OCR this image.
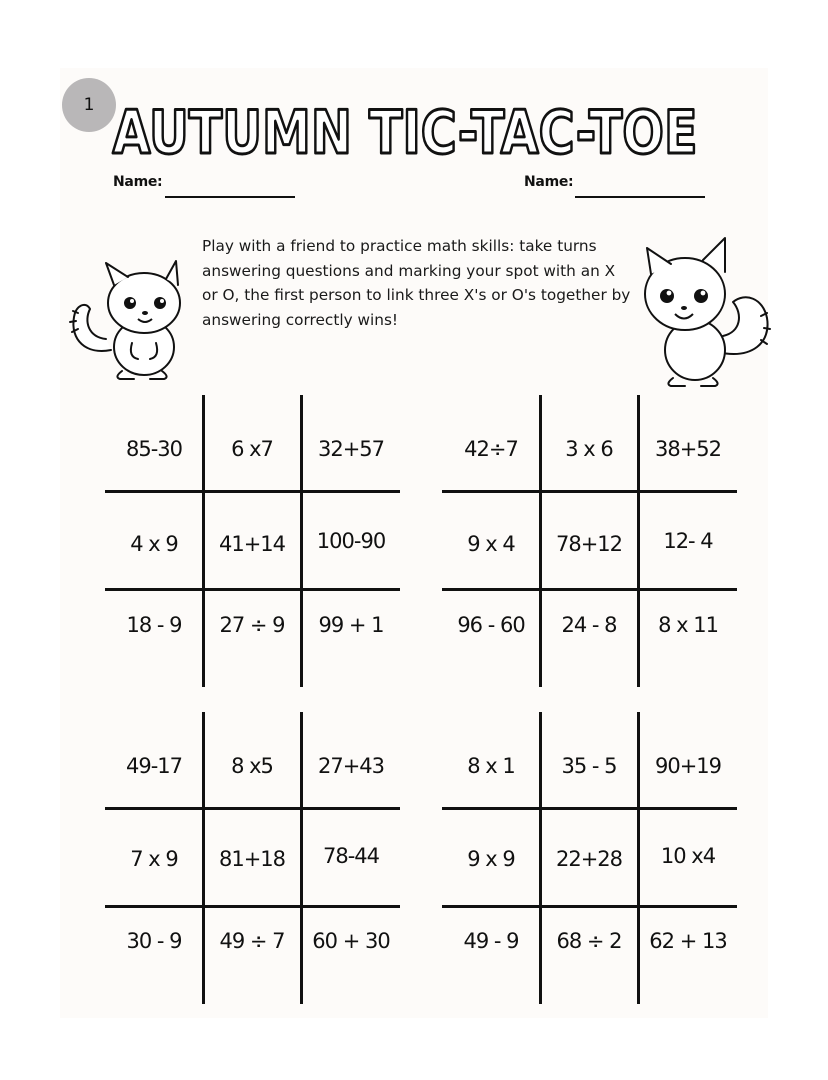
1 AUTUMN TIC-TAC-TOE
Name:	Name:
Play with a friend to practice math skills: take turns answering questions and marking your spot with an X or O, the first person to link three X's or O's together by answering correctly wins!
85-30	6 x7	32+57
4 x 9	41+14	100-90
18 - 9	27 ÷ 9	99 + 1
42÷7	3 x 6	38+52
9 x 4	78+12	12- 4
96 - 60	24 - 8	8 x 11
49-17	8 x5	27+43
7 x 9	81+18	78-44
30 - 9	49 ÷ 7	60 + 30
8 x 1	35 - 5	90+19
9 x 9	22+28	10 x4
49 - 9	68 ÷ 2	62 + 13
